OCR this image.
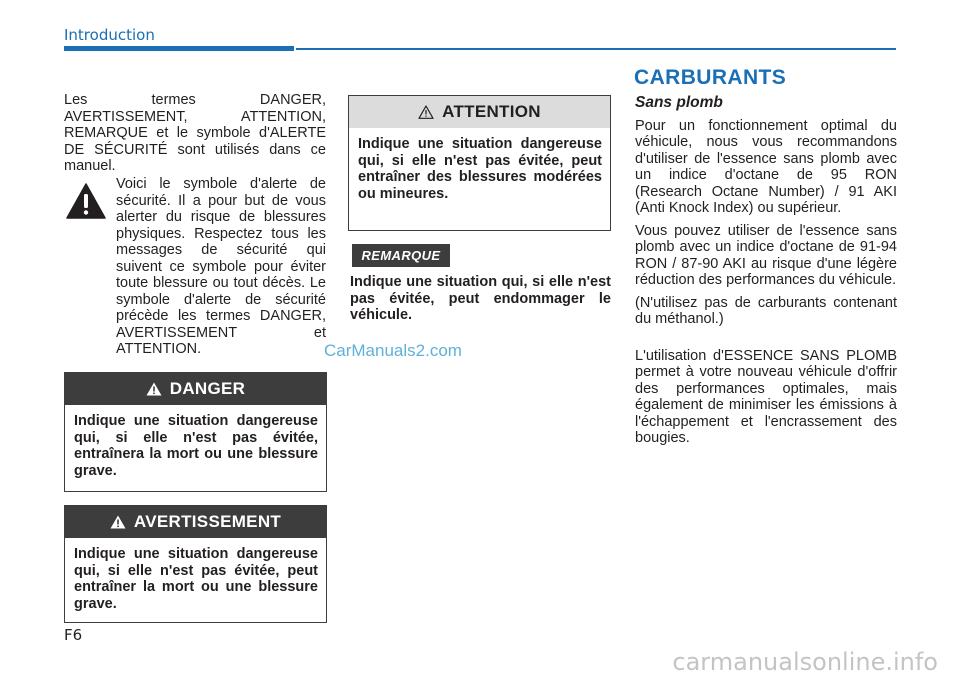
Introduction

Les termes DANGER, AVERTISSEMENT, ATTENTION, REMARQUE et le symbole d'ALERTE DE SÉCURITÉ sont utilisés dans ce manuel.

Voici le symbole d'alerte de sécurité. Il a pour but de vous alerter du risque de blessures physiques. Respectez tous les messages de sécurité qui suivent ce symbole pour éviter toute blessure ou tout décès. Le symbole d'alerte de sécurité précède les termes DANGER, AVERTISSEMENT et ATTENTION.

DANGER

Indique une situation dangereuse qui, si elle n'est pas évitée, entraînera la mort ou une blessure grave.

AVERTISSEMENT

Indique une situation dangereuse qui, si elle n'est pas évitée, peut entraîner la mort ou une blessure grave.

ATTENTION

Indique une situation dangereuse qui, si elle n'est pas évitée, peut entraîner des blessures modérées ou mineures.

REMARQUE

Indique une situation qui, si elle n'est pas évitée, peut endommager le véhicule.

CARBURANTS

Sans plomb

Pour un fonctionnement optimal du véhicule, nous vous recommandons d'utiliser de l'essence sans plomb avec un indice d'octane de 95 RON (Research Octane Number) / 91 AKI (Anti Knock Index) ou supérieur.

Vous pouvez utiliser de l'essence sans plomb avec un indice d'octane de 91-94 RON / 87-90 AKI au risque d'une légère réduction des performances du véhicule.

(N'utilisez pas de carburants contenant du méthanol.)

L'utilisation d'ESSENCE SANS PLOMB permet à votre nouveau véhicule d'offrir des performances optimales, mais également de minimiser les émissions à l'échappement et l'encrassement des bougies.

CarManuals2.com
F6
carmanualsonline.info
